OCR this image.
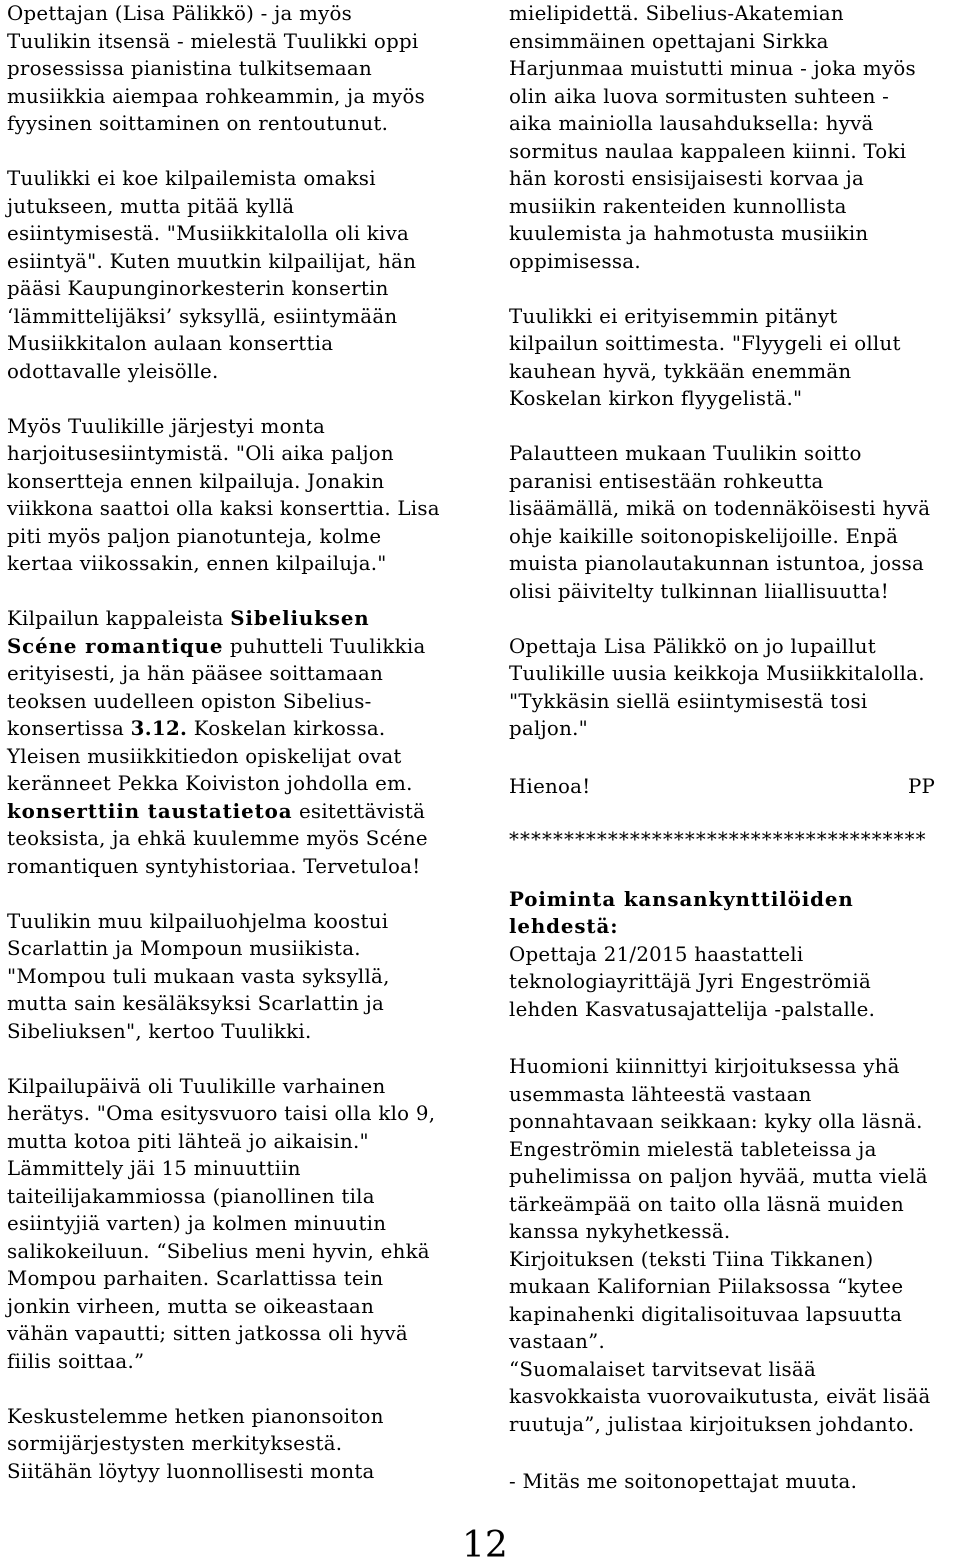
Opettajan (Lisa Pälikkö) - ja myös
Tuulikin itsensä - mielestä Tuulikki oppi
prosessissa pianistina tulkitsemaan
musiikkia aiempaa rohkeammin, ja myös
fyysinen soittaminen on rentoutunut.

Tuulikki ei koe kilpailemista omaksi
jutukseen, mutta pitää kyllä
esiintymisestä. "Musiikkitalolla oli kiva
esiintyä". Kuten muutkin kilpailijat, hän
pääsi Kaupunginorkesterin konsertin
‘lämmittelijäksi’ syksyllä, esiintymään
Musiikkitalon aulaan konserttia
odottavalle yleisölle.

Myös Tuulikille järjestyi monta
harjoitusesiintymistä. "Oli aika paljon
konsertteja ennen kilpailuja. Jonakin
viikkona saattoi olla kaksi konserttia. Lisa
piti myös paljon pianotunteja, kolme
kertaa viikossakin, ennen kilpailuja."

Kilpailun kappaleista Sibeliuksen
Scéne romantique puhutteli Tuulikkia
erityisesti, ja hän pääsee soittamaan
teoksen uudelleen opiston Sibelius-
konsertissa 3.12. Koskelan kirkossa.
Yleisen musiikkitiedon opiskelijat ovat
keränneet Pekka Koiviston johdolla em.
konserttiin taustatietoa esitettävistä
teoksista, ja ehkä kuulemme myös Scéne
romantiquen syntyhistoriaa. Tervetuloa!

Tuulikin muu kilpailuohjelma koostui
Scarlattin ja Mompoun musiikista.
"Mompou tuli mukaan vasta syksyllä,
mutta sain kesäläksyksi Scarlattin ja
Sibeliuksen", kertoo Tuulikki.

Kilpailupäivä oli Tuulikille varhainen
herätys. "Oma esitysvuoro taisi olla klo 9,
mutta kotoa piti lähteä jo aikaisin."
Lämmittely jäi 15 minuuttiin
taiteilijakammiossa (pianollinen tila
esiintyjiä varten) ja kolmen minuutin
salikokeiluun. “Sibelius meni hyvin, ehkä
Mompou parhaiten. Scarlattissa tein
jonkin virheen, mutta se oikeastaan
vähän vapautti; sitten jatkossa oli hyvä
fiilis soittaa.”

Keskustelemme hetken pianonsoiton
sormijärjestysten merkityksestä.
Siitähän löytyy luonnollisesti monta

mielipidettä. Sibelius-Akatemian
ensimmäinen opettajani Sirkka
Harjunmaa muistutti minua - joka myös
olin aika luova sormitusten suhteen -
aika mainiolla lausahduksella: hyvä
sormitus naulaa kappaleen kiinni. Toki
hän korosti ensisijaisesti korvaa ja
musiikin rakenteiden kunnollista
kuulemista ja hahmotusta musiikin
oppimisessa.

Tuulikki ei erityisemmin pitänyt
kilpailun soittimesta. "Flyygeli ei ollut
kauhean hyvä, tykkään enemmän
Koskelan kirkon flyygelistä."

Palautteen mukaan Tuulikin soitto
paranisi entisestään rohkeutta
lisäämällä, mikä on todennäköisesti hyvä
ohje kaikille soitonopiskelijoille. Enpä
muista pianolautakunnan istuntoa, jossa
olisi päivitelty tulkinnan liiallisuutta!

Opettaja Lisa Pälikkö on jo lupaillut
Tuulikille uusia keikkoja Musiikkitalolla.
"Tykkäsin siellä esiintymisestä tosi
paljon."

Hienoa!	PP

**************************************

Poiminta kansankynttilöiden
lehdestä:
Opettaja 21/2015 haastatteli
teknologiayrittäjä Jyri Engeströmiä
lehden Kasvatusajattelija -palstalle.

Huomioni kiinnittyi kirjoituksessa yhä
usemmasta lähteestä vastaan
ponnahtavaan seikkaan: kyky olla läsnä.
Engeströmin mielestä tableteissa ja
puhelimissa on paljon hyvää, mutta vielä
tärkeämpää on taito olla läsnä muiden
kanssa nykyhetkessä.
Kirjoituksen (teksti Tiina Tikkanen)
mukaan Kalifornian Piilaksossa “kytee
kapinahenki digitalisoituvaa lapsuutta
vastaan”.
“Suomalaiset tarvitsevat lisää
kasvokkaista vuorovaikutusta, eivät lisää
ruutuja”, julistaa kirjoituksen johdanto.

- Mitäs me soitonopettajat muuta.

12
